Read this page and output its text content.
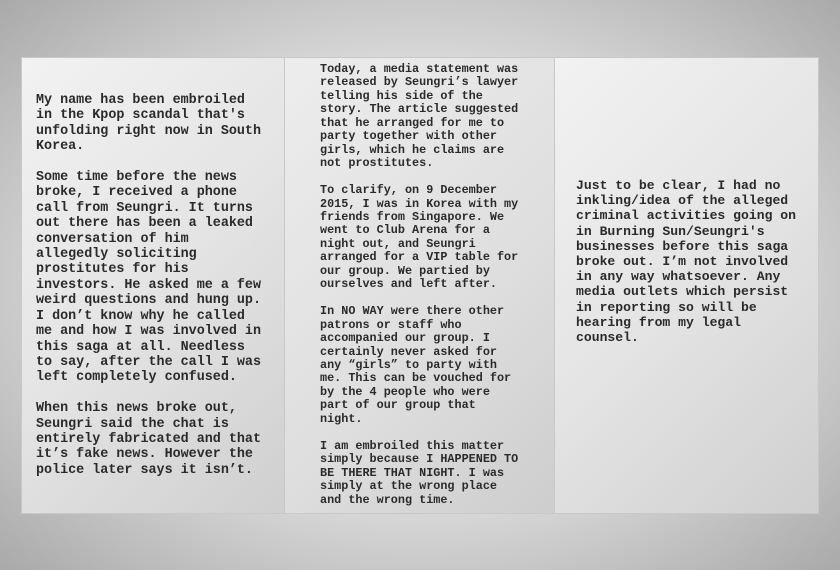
My name has been embroiled
in the Kpop scandal that's
unfolding right now in South
Korea.

Some time before the news
broke, I received a phone
call from Seungri. It turns
out there has been a leaked
conversation of him
allegedly soliciting
prostitutes for his
investors. He asked me a few
weird questions and hung up.
I don’t know why he called
me and how I was involved in
this saga at all. Needless
to say, after the call I was
left completely confused.

When this news broke out,
Seungri said the chat is
entirely fabricated and that
it’s fake news. However the
police later says it isn’t.
Today, a media statement was
released by Seungri’s lawyer
telling his side of the
story. The article suggested
that he arranged for me to
party together with other
girls, which he claims are
not prostitutes.

To clarify, on 9 December
2015, I was in Korea with my
friends from Singapore. We
went to Club Arena for a
night out, and Seungri
arranged for a VIP table for
our group. We partied by
ourselves and left after.

In NO WAY were there other
patrons or staff who
accompanied our group. I
certainly never asked for
any “girls” to party with
me. This can be vouched for
by the 4 people who were
part of our group that
night.

I am embroiled this matter
simply because I HAPPENED TO
BE THERE THAT NIGHT. I was
simply at the wrong place
and the wrong time.
Just to be clear, I had no
inkling/idea of the alleged
criminal activities going on
in Burning Sun/Seungri's
businesses before this saga
broke out. I’m not involved
in any way whatsoever. Any
media outlets which persist
in reporting so will be
hearing from my legal
counsel.
